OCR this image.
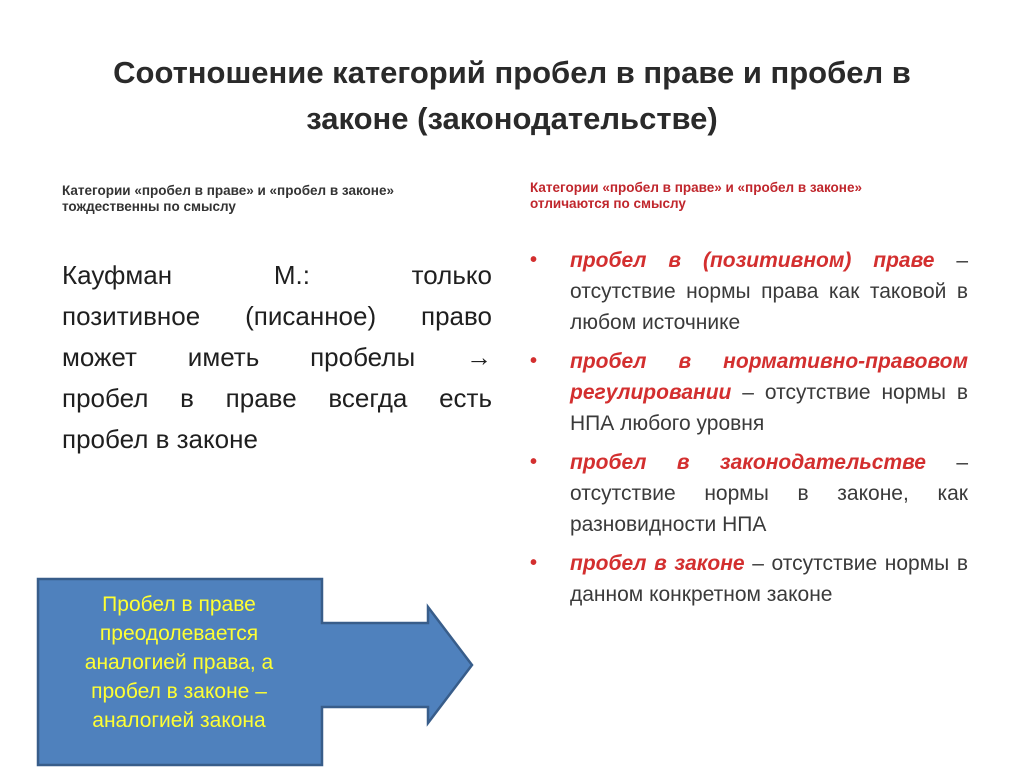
Соотношение категорий пробел в праве и пробел в
законе (законодательстве)
Категории «пробел в праве» и «пробел в законе»
тождественны по смыслу
Категории «пробел в праве» и «пробел в законе»
отличаются по смыслу
Кауфман М.: только
позитивное (писанное) право
может иметь пробелы →
пробел в праве всегда есть
пробел в законе
• пробел в (позитивном) праве – отсутствие нормы права как таковой в любом источнике
• пробел в нормативно-правовом регулировании – отсутствие нормы в НПА любого уровня
• пробел в законодательстве – отсутствие нормы в законе, как разновидности НПА
• пробел в законе – отсутствие нормы в данном конкретном законе
Пробел в праве
преодолевается
аналогией права, а
пробел в законе –
аналогией закона
